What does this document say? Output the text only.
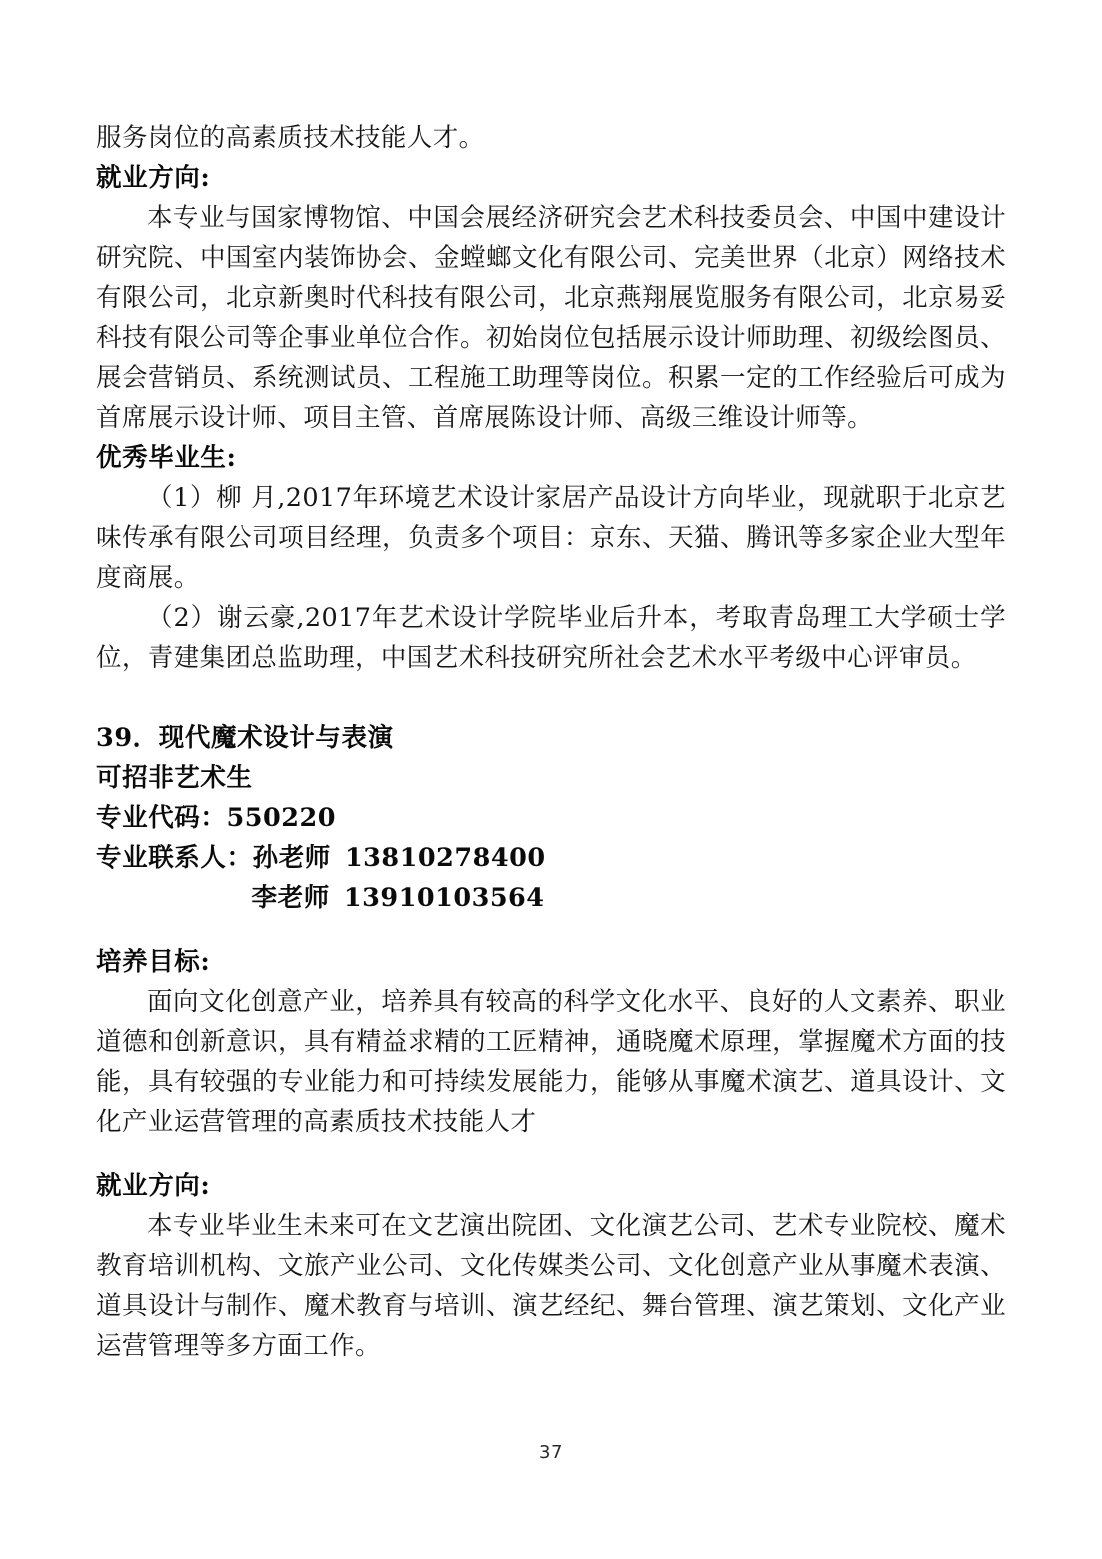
服务岗位的高素质技术技能人才。

就业方向:

本专业与国家博物馆、中国会展经济研究会艺术科技委员会、中国中建设计研究院、中国室内装饰协会、金螳螂文化有限公司、完美世界（北京）网络技术有限公司，北京新奥时代科技有限公司，北京燕翔展览服务有限公司，北京易妥科技有限公司等企事业单位合作。初始岗位包括展示设计师助理、初级绘图员、展会营销员、系统测试员、工程施工助理等岗位。积累一定的工作经验后可成为首席展示设计师、项目主管、首席展陈设计师、高级三维设计师等。

优秀毕业生:

（1）柳 月,2017年环境艺术设计家居产品设计方向毕业，现就职于北京艺味传承有限公司项目经理，负责多个项目：京东、天猫、腾讯等多家企业大型年度商展。

（2）谢云豪,2017年艺术设计学院毕业后升本，考取青岛理工大学硕士学位，青建集团总监助理，中国艺术科技研究所社会艺术水平考级中心评审员。

39．现代魔术设计与表演

可招非艺术生

专业代码：550220

专业联系人：孙老师 13810278400

李老师 13910103564

培养目标:

面向文化创意产业，培养具有较高的科学文化水平、良好的人文素养、职业道德和创新意识，具有精益求精的工匠精神，通晓魔术原理，掌握魔术方面的技能，具有较强的专业能力和可持续发展能力，能够从事魔术演艺、道具设计、文化产业运营管理的高素质技术技能人才

就业方向:

本专业毕业生未来可在文艺演出院团、文化演艺公司、艺术专业院校、魔术教育培训机构、文旅产业公司、文化传媒类公司、文化创意产业从事魔术表演、道具设计与制作、魔术教育与培训、演艺经纪、舞台管理、演艺策划、文化产业运营管理等多方面工作。

37
